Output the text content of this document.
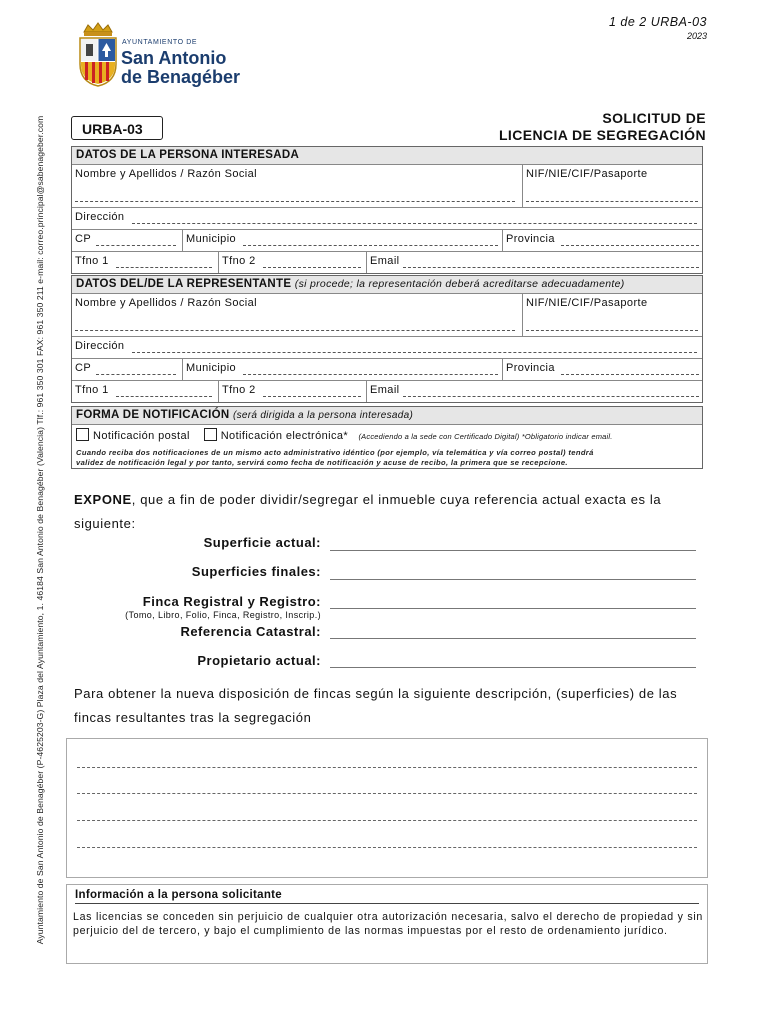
Ayuntamiento de San Antonio de Benagéber (P-4625203-G) Plaza del Ayuntamiento, 1. 46184 San Antonio de Benagéber (Valencia) Tlf.: 961 350 301 FAX: 961 350 211 e-mail: correo.principal@sabenageber.com
1 de 2 URBA-03
2023
AYUNTAMIENTO DE
San Antonio
de Benagéber
URBA-03
SOLICITUD DE
LICENCIA DE SEGREGACIÓN
DATOS DE LA PERSONA INTERESADA
Nombre y Apellidos / Razón Social	NIF/NIE/CIF/Pasaporte
Dirección
CP	Municipio	Provincia
Tfno 1	Tfno 2	Email
DATOS DEL/DE LA REPRESENTANTE (si procede; la representación deberá acreditarse adecuadamente)
Nombre y Apellidos / Razón Social	NIF/NIE/CIF/Pasaporte
Dirección
CP	Municipio	Provincia
Tfno 1	Tfno 2	Email
FORMA DE NOTIFICACIÓN (será dirigida a la persona interesada)
Notificación postal	Notificación electrónica* (Accediendo a la sede con Certificado Digital) *Obligatorio indicar email.
Cuando reciba dos notificaciones de un mismo acto administrativo idéntico (por ejemplo, vía telemática y vía correo postal) tendrá
validez de notificación legal y por tanto, servirá como fecha de notificación y acuse de recibo, la primera que se recepcione.
EXPONE, que a fin de poder dividir/segregar el inmueble cuya referencia actual exacta es la siguiente:
Superficie actual:
Superficies finales:
Finca Registral y Registro:
(Tomo, Libro, Folio, Finca, Registro, Inscrip.)
Referencia Catastral:
Propietario actual:
Para obtener la nueva disposición de fincas según la siguiente descripción, (superficies) de las fincas resultantes tras la segregación
Información a la persona solicitante
Las licencias se conceden sin perjuicio de cualquier otra autorización necesaria, salvo el derecho de propiedad y sin perjuicio del de tercero, y bajo el cumplimiento de las normas impuestas por el resto de ordenamiento jurídico.
